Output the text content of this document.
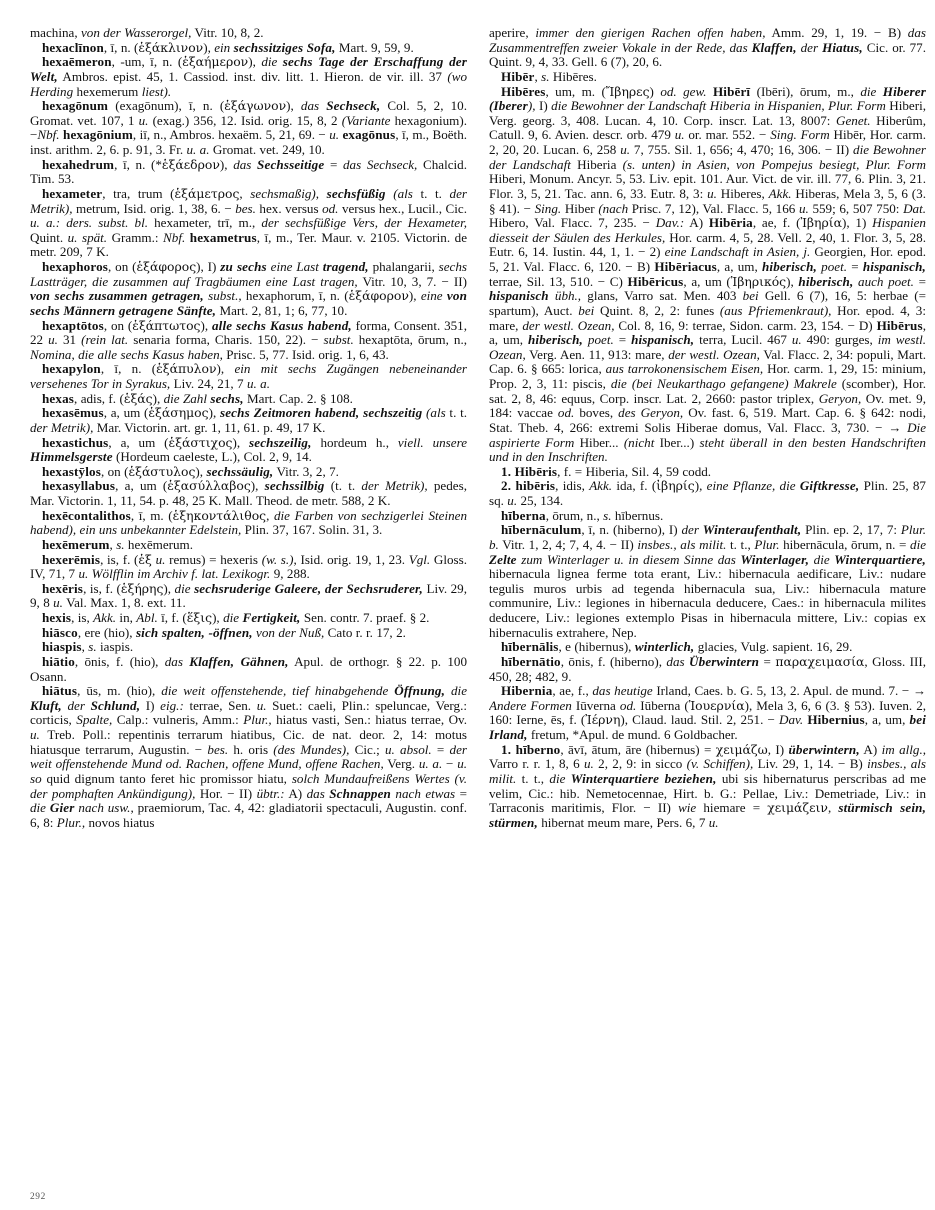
machina, von der Wasserorgel, Vitr. 10, 8, 2.

hexaclīnon, ī, n. (ἑξάκλινον), ein sechssitziges Sofa, Mart. 9, 59, 9.

hexaēmeron, -um, ī, n. (ἑξαήμερον), die sechs Tage der Erschaffung der Welt, Ambros. epist. 45, 1. Cassiod. inst. div. litt. 1. Hieron. de vir. ill. 37 (wo Herding hexemerum liest).

hexagōnum (exagōnum), ī, n. (ἑξάγωνον), das Sechseck, Col. 5, 2, 10. Gromat. vet. 107, 1 u. (exag.) 356, 12. Isid. orig. 15, 8, 2 (Variante hexagonium). −Nbf. hexagōnium, iī, n., Ambros. hexaëm. 5, 21, 69. − u. exagōnus, ī, m., Boëth. inst. arithm. 2, 6. p. 91, 3. Fr. u. a. Gromat. vet. 249, 10.

hexahedrum, ī, n. (*ἑξάεδρον), das Sechsseitige = das Sechseck, Chalcid. Tim. 53.

hexameter, tra, trum (ἑξάμετρος, sechsmaßig), sechsfüßig (als t. t. der Metrik), metrum, Isid. orig. 1, 38, 6. − bes. hex. versus od. versus hex., Lucil., Cic. u. a.: ders. subst. bl. hexameter, trī, m., der sechsfüßige Vers, der Hexameter, Quint. u. spät. Gramm.: Nbf. hexametrus, ī, m., Ter. Maur. v. 2105. Victorin. de metr. 209, 7 K.

hexaphoros, on (ἑξάφορος), I) zu sechs eine Last tragend, phalangarii, sechs Lastträger, die zusammen auf Tragbäumen eine Last tragen, Vitr. 10, 3, 7. − II) von sechs zusammen getragen, subst., hexaphorum, ī, n. (ἑξάφορον), eine von sechs Männern getragene Sänfte, Mart. 2, 81, 1; 6, 77, 10.

hexaptōtos, on (ἑξάπτωτος), alle sechs Kasus habend, forma, Consent. 351, 22 u. 31 (rein lat. senaria forma, Charis. 150, 22). − subst. hexaptōta, ōrum, n., Nomina, die alle sechs Kasus haben, Prisc. 5, 77. Isid. orig. 1, 6, 43.

hexapylon, ī, n. (ἑξάπυλον), ein mit sechs Zugängen nebeneinander versehenes Tor in Syrakus, Liv. 24, 21, 7 u. a.

hexas, adis, f. (ἑξάς), die Zahl sechs, Mart. Cap. 2. § 108.

hexasēmus, a, um (ἑξάσημος), sechs Zeitmoren habend, sechszeitig (als t. t. der Metrik), Mar. Victorin. art. gr. 1, 11, 61. p. 49, 17 K.

hexastichus, a, um (ἑξάστιχος), sechszeilig, hordeum h., viell. unsere Himmelsgerste (Hordeum caeleste, L.), Col. 2, 9, 14.

hexastȳlos, on (ἑξάστυλος), sechssäulig, Vitr. 3, 2, 7.

hexasyllabus, a, um (ἑξασύλλαβος), sechssilbig (t. t. der Metrik), pedes, Mar. Victorin. 1, 11, 54. p. 48, 25 K. Mall. Theod. de metr. 588, 2 K.

hexēcontalithos, ī, m. (ἑξηκοντάλιθος, die Farben von sechzigerlei Steinen habend), ein uns unbekannter Edelstein, Plin. 37, 167. Solin. 31, 3.

hexēmerum, s. hexēmerum.

hexerēmis, is, f. (ἑξ u. remus) = hexeris (w. s.), Isid. orig. 19, 1, 23. Vgl. Gloss. IV, 71, 7 u. Wölfflin im Archiv f. lat. Lexikogr. 9, 288.

hexēris, is, f. (ἑξήρης), die sechsruderige Galeere, der Sechsruderer, Liv. 29, 9, 8 u. Val. Max. 1, 8. ext. 11.

hexis, is, Akk. in, Abl. ī, f. (ἕξις), die Fertigkeit, Sen. contr. 7. praef. § 2.

hiāsco, ere (hio), sich spalten, -öffnen, von der Nuß, Cato r. r. 17, 2.

hiaspis, s. iaspis.

hiātio, ōnis, f. (hio), das Klaffen, Gähnen, Apul. de orthogr. § 22. p. 100 Osann.

hiātus, ūs, m. (hio), die weit offenstehende, tief hinabgehende Öffnung, die Kluft, der Schlund, I) eig.: terrae, Sen. u. Suet.: caeli, Plin.: speluncae, Verg.: corticis, Spalte, Calp.: vulneris, Amm.: Plur., hiatus vasti, Sen.: hiatus terrae, Ov. u. Treb. Poll.: repentinis terrarum hiatibus, Cic. de nat. deor. 2, 14: motus hiatusque terrarum, Augustin. − bes. h. oris (des Mundes), Cic.; u. absol. = der weit offenstehende Mund od. Rachen, offene Mund, offene Rachen, Verg. u. a. − u. so quid dignum tanto feret hic promissor hiatu, solch Mundaufreißens Wertes (v. der pomphaften Ankündigung), Hor. − II) übtr.: A) das Schnappen nach etwas = die Gier nach usw., praemiorum, Tac. 4, 42: gladiatorii spectaculi, Augustin. conf. 6, 8: Plur., novos hiatus

aperire, immer den gierigen Rachen offen haben, Amm. 29, 1, 19. − B) das Zusammentreffen zweier Vokale in der Rede, das Klaffen, der Hiatus, Cic. or. 77. Quint. 9, 4, 33. Gell. 6 (7), 20, 6.

Hibēr, s. Hibēres.

Hibēres, um, m. (Ἴβηρες) od. gew. Hibērī (Ibēri), ōrum, m., die Hiberer (Iberer), I) die Bewohner der Landschaft Hiberia in Hispanien, Plur. Form Hiberi, Verg. georg. 3, 408. Lucan. 4, 10. Corp. inscr. Lat. 13, 8007: Genet. Hiberûm, Catull. 9, 6. Avien. descr. orb. 479 u. or. mar. 552. − Sing. Form Hibēr, Hor. carm. 2, 20, 20. Lucan. 6, 258 u. 7, 755. Sil. 1, 656; 4, 470; 16, 306. − II) die Bewohner der Landschaft Hiberia (s. unten) in Asien, von Pompejus besiegt, Plur. Form Hiberi, Monum. Ancyr. 5, 53. Liv. epit. 101. Aur. Vict. de vir. ill. 77, 6. Plin. 3, 21. Flor. 3, 5, 21. Tac. ann. 6, 33. Eutr. 8, 3: u. Hiberes, Akk. Hiberas, Mela 3, 5, 6 (3. § 41). − Sing. Hiber (nach Prisc. 7, 12), Val. Flacc. 5, 166 u. 559; 6, 507 750: Dat. Hibero, Val. Flacc. 7, 235. − Dav.: A) Hibēria, ae, f. (Ἰβηρία), 1) Hispanien diesseit der Säulen des Herkules, Hor. carm. 4, 5, 28. Vell. 2, 40, 1. Flor. 3, 5, 28. Eutr. 6, 14. Iustin. 44, 1, 1. − 2) eine Landschaft in Asien, j. Georgien, Hor. epod. 5, 21. Val. Flacc. 6, 120. − B) Hibēriacus, a, um, hiberisch, poet. = hispanisch, terrae, Sil. 13, 510. − C) Hibēricus, a, um (Ἰβηρικός), hiberisch, auch poet. = hispanisch übh., glans, Varro sat. Men. 403 bei Gell. 6 (7), 16, 5: herbae (= spartum), Auct. bei Quint. 8, 2, 2: funes (aus Pfriemenkraut), Hor. epod. 4, 3: mare, der westl. Ozean, Col. 8, 16, 9: terrae, Sidon. carm. 23, 154. − D) Hibērus, a, um, hiberisch, poet. = hispanisch, terra, Lucil. 467 u. 490: gurges, im westl. Ozean, Verg. Aen. 11, 913: mare, der westl. Ozean, Val. Flacc. 2, 34: populi, Mart. Cap. 6. § 665: lorica, aus tarrokonensischem Eisen, Hor. carm. 1, 29, 15: minium, Prop. 2, 3, 11: piscis, die (bei Neukarthago gefangene) Makrele (scomber), Hor. sat. 2, 8, 46: equus, Corp. inscr. Lat. 2, 2660: pastor triplex, Geryon, Ov. met. 9, 184: vaccae od. boves, des Geryon, Ov. fast. 6, 519. Mart. Cap. 6. § 642: nodi, Stat. Theb. 4, 266: extremi Solis Hiberae domus, Val. Flacc. 3, 730. − → Die aspirierte Form Hiber... (nicht Iber...) steht überall in den besten Handschriften und in den Inschriften.

1. Hibēris, f. = Hiberia, Sil. 4, 59 codd.

2. hibēris, idis, Akk. ida, f. (ἰβηρίς), eine Pflanze, die Giftkresse, Plin. 25, 87 sq. u. 25, 134.

hīberna, ōrum, n., s. hībernus.

hībernāculum, ī, n. (hiberno), I) der Winteraufenthalt, Plin. ep. 2, 17, 7: Plur. b. Vitr. 1, 2, 4; 7, 4, 4. − II) insbes., als milit. t. t., Plur. hibernācula, ōrum, n. = die Zelte zum Winterlager u. in diesem Sinne das Winterlager, die Winterquartiere, hibernacula lignea ferme tota erant, Liv.: hibernacula aedificare, Liv.: nudare tegulis muros urbis ad tegenda hibernacula sua, Liv.: hibernacula mature communire, Liv.: legiones in hibernacula deducere, Caes.: in hibernacula milites deducere, Liv.: legiones extemplo Pisas in hibernacula mittere, Liv.: copias ex hibernaculis extrahere, Nep.

hībernālis, e (hibernus), winterlich, glacies, Vulg. sapient. 16, 29.

hībernātio, ōnis, f. (hiberno), das Überwintern = παραχειμασία, Gloss. III, 450, 28; 482, 9.

Hibernia, ae, f., das heutige Irland, Caes. b. G. 5, 13, 2. Apul. de mund. 7. − → Andere Formen Iūverna od. Iūberna (Ἰουερνία), Mela 3, 6, 6 (3. § 53). Iuven. 2, 160: Ierne, ēs, f. (Ἰέρνη), Claud. laud. Stil. 2, 251. − Dav. Hibernius, a, um, bei Irland, fretum, *Apul. de mund. 6 Goldbacher.

1. hīberno, āvī, ātum, āre (hibernus) = χειμάζω, I) überwintern, A) im allg., Varro r. r. 1, 8, 6 u. 2, 2, 9: in sicco (v. Schiffen), Liv. 29, 1, 14. − B) insbes., als milit. t. t., die Winterquartiere beziehen, ubi sis hibernaturus perscribas ad me velim, Cic.: hib. Nemetocennae, Hirt. b. G.: Pellae, Liv.: Demetriade, Liv.: in Tarraconis maritimis, Flor. − II) wie hiemare = χειμάζειν, stürmisch sein, stürmen, hibernat meum mare, Pers. 6, 7 u.

292
